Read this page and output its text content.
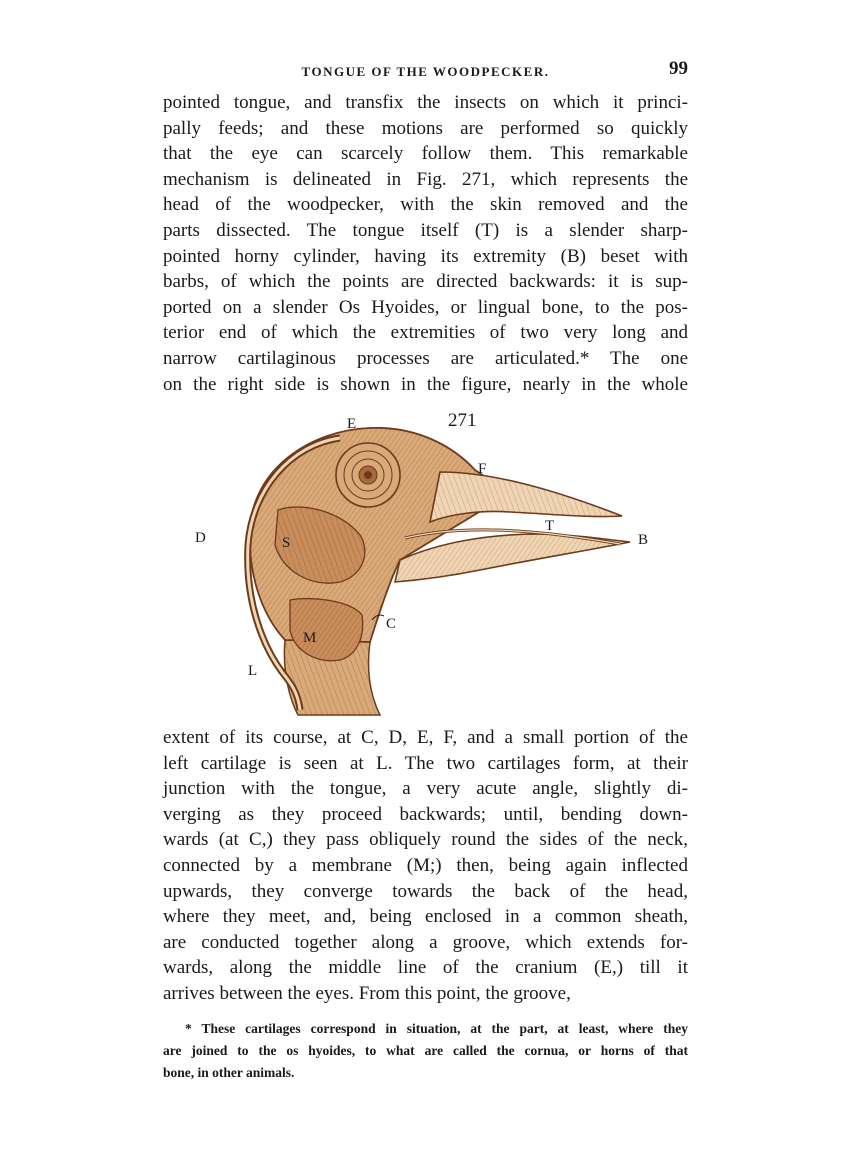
TONGUE OF THE WOODPECKER.	99
pointed tongue, and transfix the insects on which it princi-
pally feeds; and these motions are performed so quickly
that the eye can scarcely follow them. This remarkable
mechanism is delineated in Fig. 271, which represents the
head of the woodpecker, with the skin removed and the
parts dissected. The tongue itself (T) is a slender sharp-
pointed horny cylinder, having its extremity (B) beset with
barbs, of which the points are directed backwards: it is sup-
ported on a slender Os Hyoides, or lingual bone, to the pos-
terior end of which the extremities of two very long and
narrow cartilaginous processes are articulated.* The one
on the right side is shown in the figure, nearly in the whole
271
E
F
D	S
T
B
C
M
L
extent of its course, at C, D, E, F, and a small portion of the
left cartilage is seen at L. The two cartilages form, at their
junction with the tongue, a very acute angle, slightly di-
verging as they proceed backwards; until, bending down-
wards (at C,) they pass obliquely round the sides of the neck,
connected by a membrane (M;) then, being again inflected
upwards, they converge towards the back of the head,
where they meet, and, being enclosed in a common sheath,
are conducted together along a groove, which extends for-
wards, along the middle line of the cranium (E,) till it
arrives between the eyes. From this point, the groove,
* These cartilages correspond in situation, at the part, at least, where they
are joined to the os hyoides, to what are called the cornua, or horns of that
bone, in other animals.
